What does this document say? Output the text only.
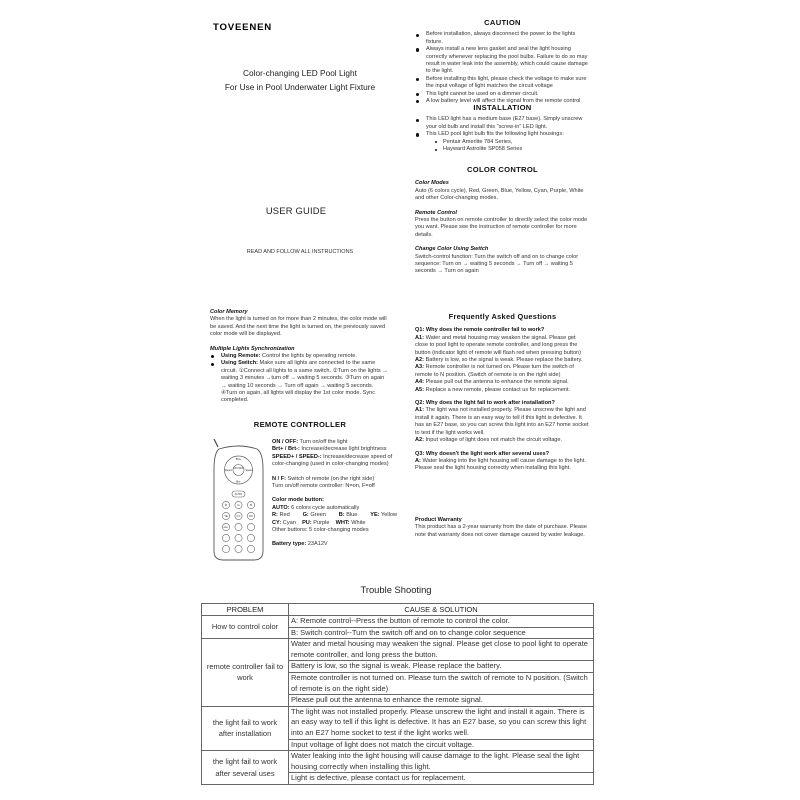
TOVEENEN
Color-changing LED Pool Light
For Use in Pool Underwater Light Fixture
USER GUIDE
READ AND FOLLOW ALL INSTRUCTIONS
CAUTION
Before installation, always disconnect the power to the lights fixture.
Always install a new lens gasket and seal the light housing correctly whenever replacing the pool bulbs. Failure to do so may result in water leak into the assembly, which could cause damage to the light.
Before installing this light, please check the voltage to make sure the input voltage of light matches the circuit voltage
This light cannot be used on a dimmer circuit.
A low battery level will affect the signal from the remote control
INSTALLATION
This LED light has a medium base (E27 base). Simply unscrew your old bulb and install this "screw-in" LED light.
This LED pool light bulb fits the following light housings:
Pentair Amerlite 784 Series,
Hayward Astrolite SP058 Series
COLOR CONTROL
Color Modes
Auto (6 colors cycle), Red, Green, Blue, Yellow, Cyan, Purple, White and other Color-changing modes.
Remote Control
Press the button on remote controller to directly select the color mode you want. Please see the instruction of remote controller for more details.
Change Color Using Switch
Switch-control function: Turn the switch off and on to change color sequence: Turn on → waiting 5 seconds → Turn off → waiting 5 seconds → Turn on again
Color Memory
When the light is turned on for more than 2 minutes, the color mode will be saved. And the next time the light is turned on, the previously saved color mode will be displayed.
Multiple Lights Synchronization
Using Remote: Control the lights by operating remote.
Using Switch: Make sure all lights are connected to the same circuit. ①Connect all lights to a same switch. ②Turn on the lights → waiting 3 minutes →turn off → waiting 5 seconds. ③Turn on again → waiting 10 seconds → Turn off again → waiting 5 seconds. ④Turn on again, all lights will display the 1st color mode. Sync completed.
REMOTE CONTROLLER
ON OFF
Brt+
Brt-
Speed	Speed
AUTO
R	G	B
YE	CY	PU
WHT
ON / OFF: Turn on/off the light
Brt+ / Brt-: Increase/decrease light brightness
SPEED+ / SPEED-: Increase/decrease speed of color-changing (used in color-changing modes)
N / F: Switch of remote (on the right side)
Turn on/off remote controller: N=on, F=off
Color mode button:
AUTO: 6 colors cycle automatically
R: Red G: Green B: Blue YE: Yellow
CY: Cyan PU: Purple WHT: White
Other buttons: 5 color-changing modes
Battery type: 23A12V
Frequently Asked Questions
Q1: Why does the remote controller fail to work?
A1: Water and metal housing may weaken the signal. Please get close to pool light to operate remote controller, and long press the button (indicator light of remote will flash red when pressing button)
A2: Battery is low, so the signal is weak. Please replace the battery.
A3: Remote controller is not turned on. Please turn the switch of remote to N position. (Switch of remote is on the right side)
A4: Please pull out the antenna to enhance the remote signal.
A5: Replace a new remote, please contact us for replacement.
Q2: Why does the light fail to work after installation?
A1: The light was not installed properly. Please unscrew the light and install it again. There is an easy way to tell if this light is defective. It has an E27 base, so you can screw this light into an E27 home socket to test if the light works well.
A2: Input voltage of light does not match the circuit voltage.
Q3: Why doesn't the light work after several uses?
A: Water leaking into the light housing will cause damage to the light. Please seal the light housing correctly when installing this light.
Product Warranty
This product has a 2-year warranty from the date of purchase. Please note that warranty does not cover damage caused by water leakage.
Trouble Shooting
PROBLEM	CAUSE & SOLUTION
How to control color	A: Remote control--Press the button of remote to control the color.
	B: Switch control--Turn the switch off and on to change color sequence
remote controller fail to work	Water and metal housing may weaken the signal. Please get close to pool light to operate remote controller, and long press the button.
	Battery is low, so the signal is weak. Please replace the battery.
	Remote controller is not turned on. Please turn the switch of remote to N position. (Switch of remote is on the right side)
	Please pull out the antenna to enhance the remote signal.
the light fail to work after installation	The light was not installed properly. Please unscrew the light and install it again. There is an easy way to tell if this light is defective. It has an E27 base, so you can screw this light into an E27 home socket to test if the light works well.
	Input voltage of light does not match the circuit voltage.
the light fail to work after several uses	Water leaking into the light housing will cause damage to the light. Please seal the light housing correctly when installing this light.
	Light is defective, please contact us for replacement.
